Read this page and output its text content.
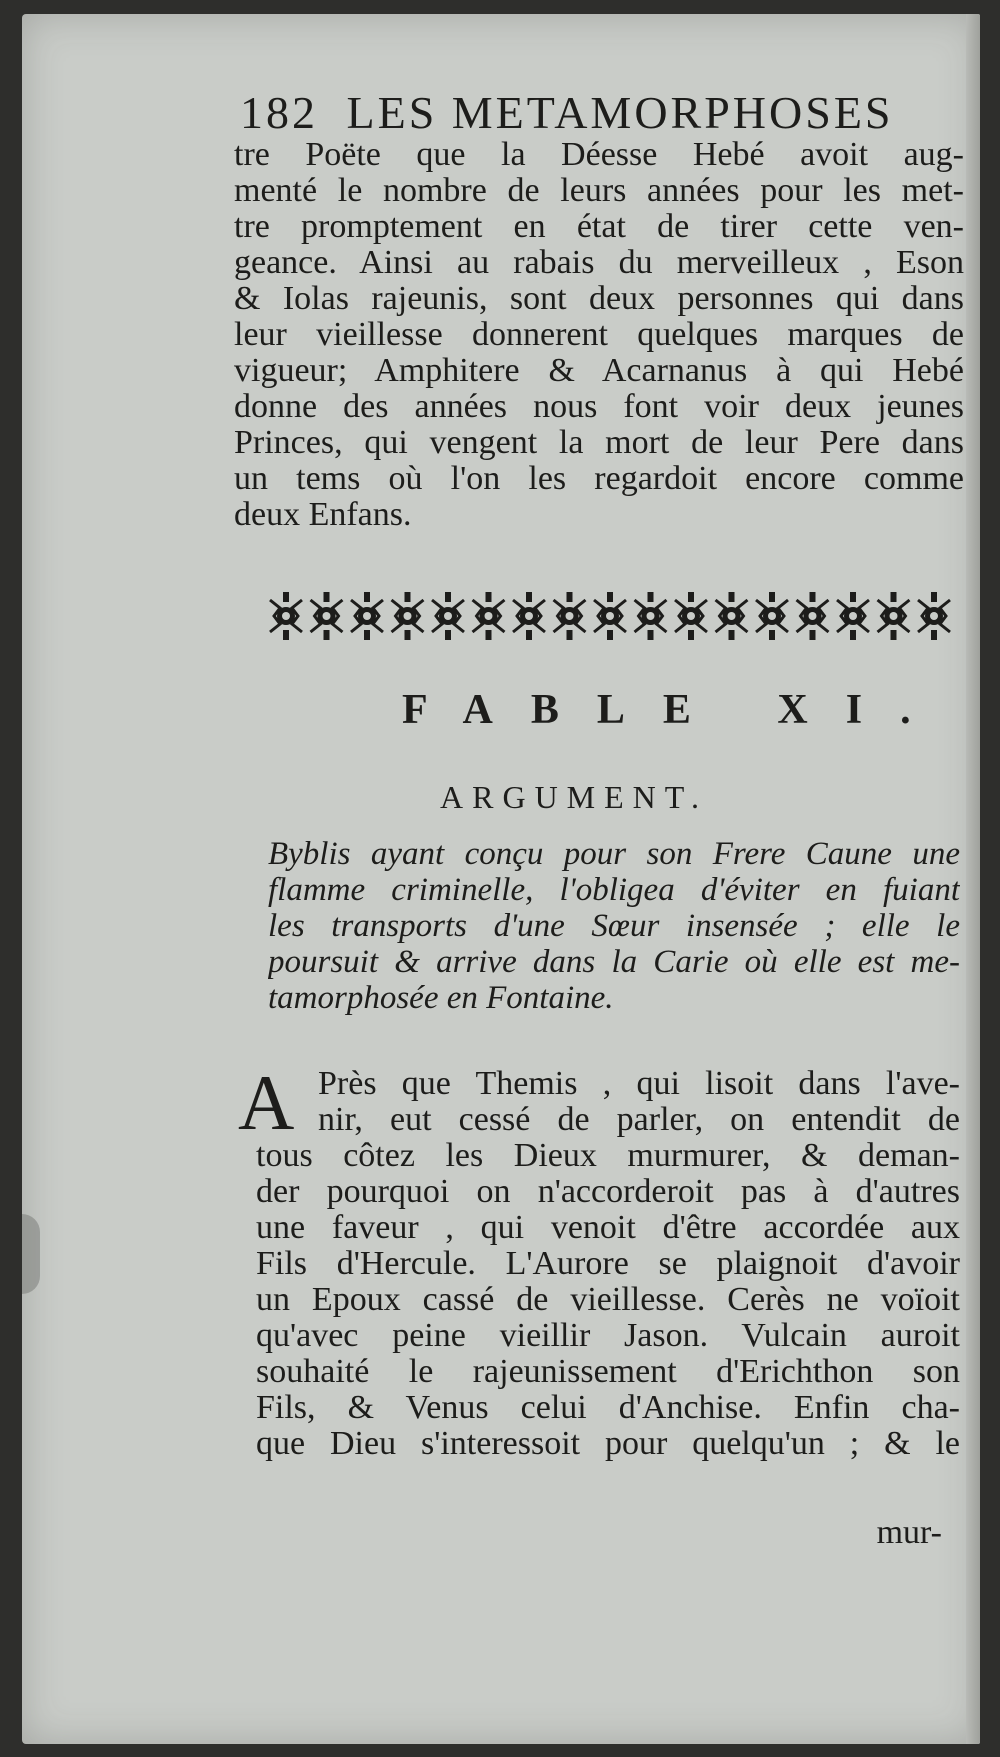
182 LES METAMORPHOSES
tre Poëte que la Déesse Hebé avoit aug-
menté le nombre de leurs années pour les met-
tre promptement en état de tirer cette ven-
geance. Ainsi au rabais du merveilleux , Eson
& Iolas rajeunis, sont deux personnes qui dans
leur vieillesse donnerent quelques marques de
vigueur; Amphitere & Acarnanus à qui Hebé
donne des années nous font voir deux jeunes
Princes, qui vengent la mort de leur Pere dans
un tems où l'on les regardoit encore comme
deux Enfans.
FABLE XI.
ARGUMENT.
Byblis ayant conçu pour son Frere Caune une
flamme criminelle, l'obligea d'éviter en fuiant
les transports d'une Sœur insensée ; elle le
poursuit & arrive dans la Carie où elle est me-
tamorphosée en Fontaine.
A Près que Themis , qui lisoit dans l'ave-
nir, eut cessé de parler, on entendit de
tous côtez les Dieux murmurer, & deman-
der pourquoi on n'accorderoit pas à d'autres
une faveur , qui venoit d'être accordée aux
Fils d'Hercule. L'Aurore se plaignoit d'avoir
un Epoux cassé de vieillesse. Cerès ne voïoit
qu'avec peine vieillir Jason. Vulcain auroit
souhaité le rajeunissement d'Erichthon son
Fils, & Venus celui d'Anchise. Enfin cha-
que Dieu s'interessoit pour quelqu'un ; & le
mur-
